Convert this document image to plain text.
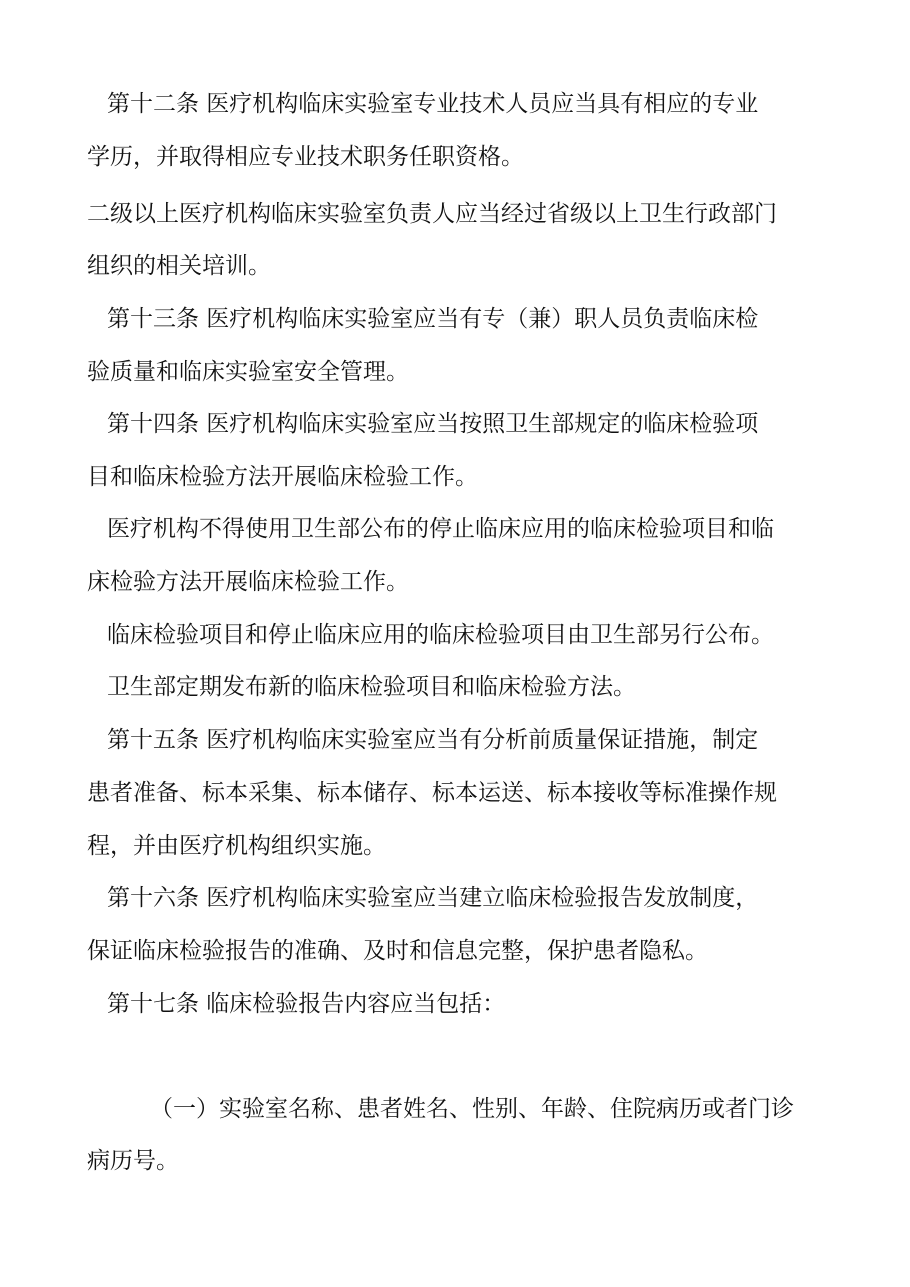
第十二条 医疗机构临床实验室专业技术人员应当具有相应的专业
学历，并取得相应专业技术职务任职资格。
二级以上医疗机构临床实验室负责人应当经过省级以上卫生行政部门
组织的相关培训。
第十三条 医疗机构临床实验室应当有专（兼）职人员负责临床检
验质量和临床实验室安全管理。
第十四条 医疗机构临床实验室应当按照卫生部规定的临床检验项
目和临床检验方法开展临床检验工作。
医疗机构不得使用卫生部公布的停止临床应用的临床检验项目和临
床检验方法开展临床检验工作。
临床检验项目和停止临床应用的临床检验项目由卫生部另行公布。
卫生部定期发布新的临床检验项目和临床检验方法。
第十五条 医疗机构临床实验室应当有分析前质量保证措施，制定
患者准备、标本采集、标本储存、标本运送、标本接收等标准操作规
程，并由医疗机构组织实施。
第十六条 医疗机构临床实验室应当建立临床检验报告发放制度，
保证临床检验报告的准确、及时和信息完整，保护患者隐私。
第十七条 临床检验报告内容应当包括：
（一）实验室名称、患者姓名、性别、年龄、住院病历或者门诊
病历号。
